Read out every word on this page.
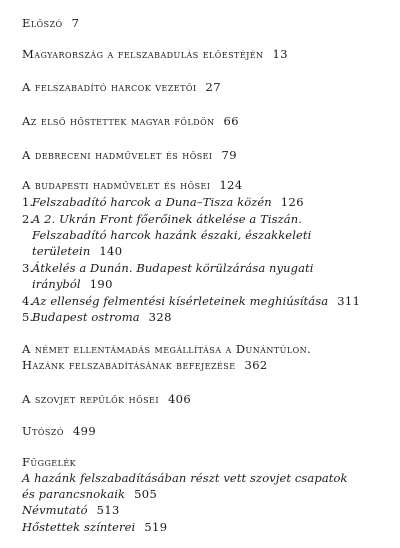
Előszó 7
Magyarország a felszabadulás előestéjén 13
A felszabadító harcok vezetői 27
Az első hőstettek magyar földön 66
A debreceni hadművelet és hősei 79
A budapesti hadművelet és hősei 124
1.Felszabadító harcok a Duna–Tisza közén 126
2.A 2. Ukrán Front főerőinek átkelése a Tiszán.
Felszabadító harcok hazánk északi, északkeleti
területein 140
3.Átkelés a Dunán. Budapest körülzárása nyugati
irányból 190
4.Az ellenség felmentési kísérleteinek meghiúsítása 311
5.Budapest ostroma 328
A német ellentámadás megállítása a Dunántúlon.
Hazánk felszabadításának befejezése 362
A szovjet repülők hősei 406
Utószó 499
Függelék
A hazánk felszabadításában részt vett szovjet csapatok
és parancsnokaik 505
Névmutató 513
Hőstettek színterei 519
